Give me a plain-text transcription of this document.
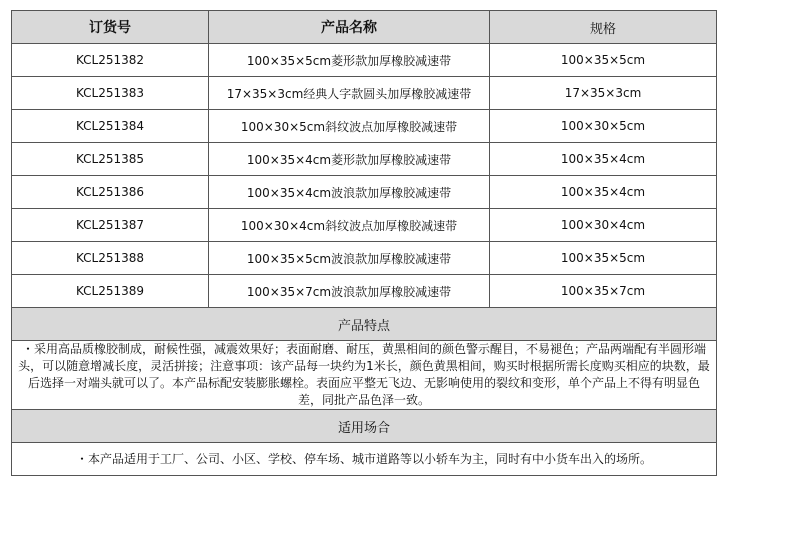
订货号	产品名称	规格
KCL251382	100×35×5cm菱形款加厚橡胶减速带	100×35×5cm
KCL251383	17×35×3cm经典人字款圆头加厚橡胶减速带	17×35×3cm
KCL251384	100×30×5cm斜纹波点加厚橡胶减速带	100×30×5cm
KCL251385	100×35×4cm菱形款加厚橡胶减速带	100×35×4cm
KCL251386	100×35×4cm波浪款加厚橡胶减速带	100×35×4cm
KCL251387	100×30×4cm斜纹波点加厚橡胶减速带	100×30×4cm
KCL251388	100×35×5cm波浪款加厚橡胶减速带	100×35×5cm
KCL251389	100×35×7cm波浪款加厚橡胶减速带	100×35×7cm
产品特点		
・采用高品质橡胶制成，耐候性强，减震效果好；表面耐磨、耐压，黄黑相间的颜色警示醒目，不易褪色；产品两端配有半圆形端头，可以随意增减长度，灵活拼接；注意事项：该产品每一块约为1米长，颜色黄黑相间，购买时根据所需长度购买相应的块数，最后选择一对端头就可以了。本产品标配安装膨胀螺栓。表面应平整无飞边、无影响使用的裂纹和变形，单个产品上不得有明显色差，同批产品色泽一致。		
适用场合		
・本产品适用于工厂、公司、小区、学校、停车场、城市道路等以小轿车为主，同时有中小货车出入的场所。		
